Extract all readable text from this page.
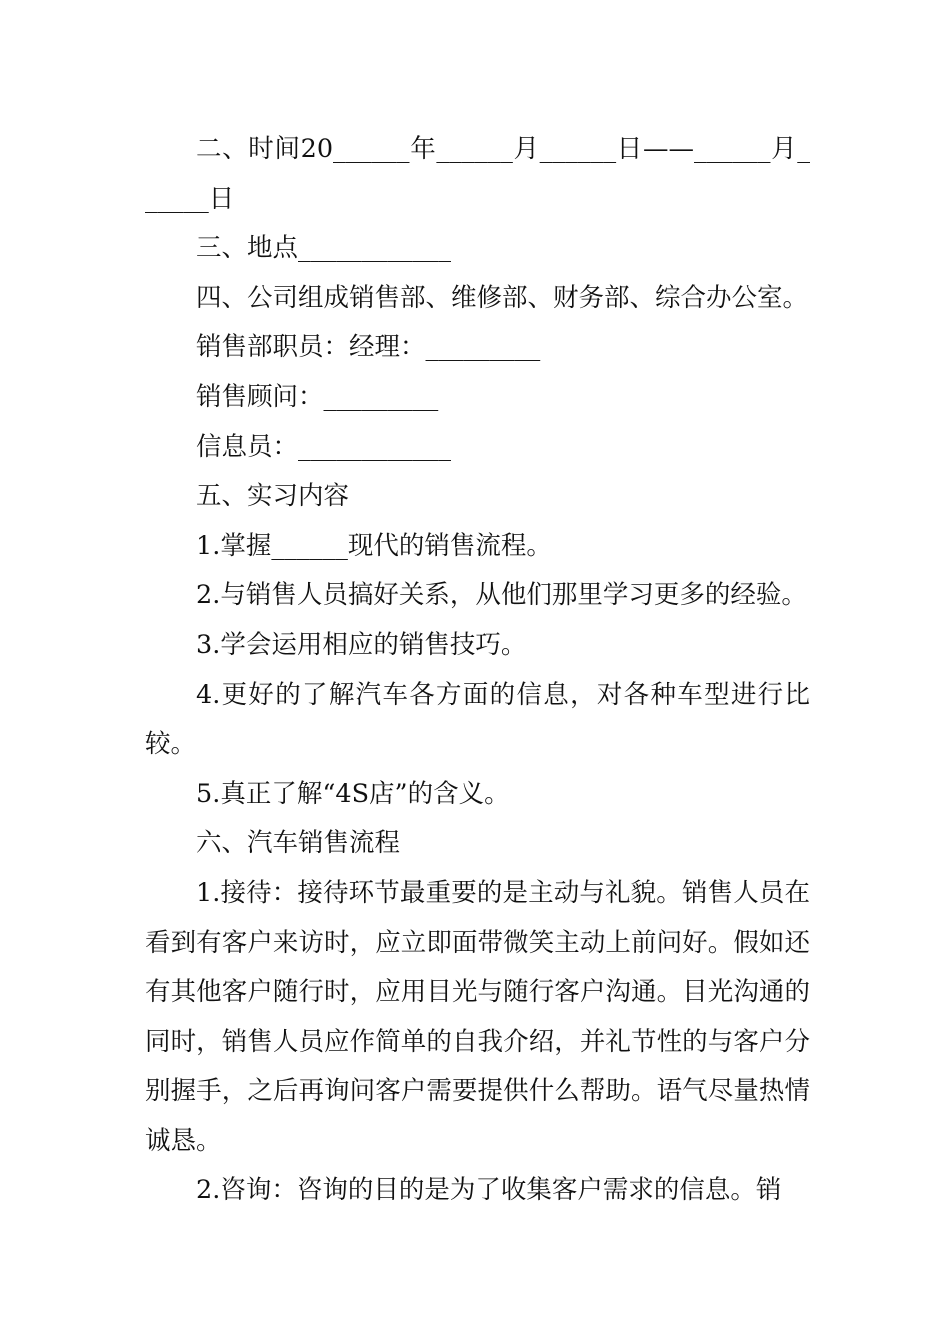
二、时间20______年______月______日——______月______日

三、地点____________

四、公司组成销售部、维修部、财务部、综合办公室。

销售部职员：经理：_________

销售顾问：_________

信息员：____________

五、实习内容

1.掌握______现代的销售流程。

2.与销售人员搞好关系，从他们那里学习更多的经验。

3.学会运用相应的销售技巧。

4.更好的了解汽车各方面的信息，对各种车型进行比较。

5.真正了解“4S店”的含义。

六、汽车销售流程

1.接待：接待环节最重要的是主动与礼貌。销售人员在看到有客户来访时，应立即面带微笑主动上前问好。假如还有其他客户随行时，应用目光与随行客户沟通。目光沟通的同时，销售人员应作简单的自我介绍，并礼节性的与客户分别握手，之后再询问客户需要提供什么帮助。语气尽量热情诚恳。

2.咨询：咨询的目的是为了收集客户需求的信息。销
